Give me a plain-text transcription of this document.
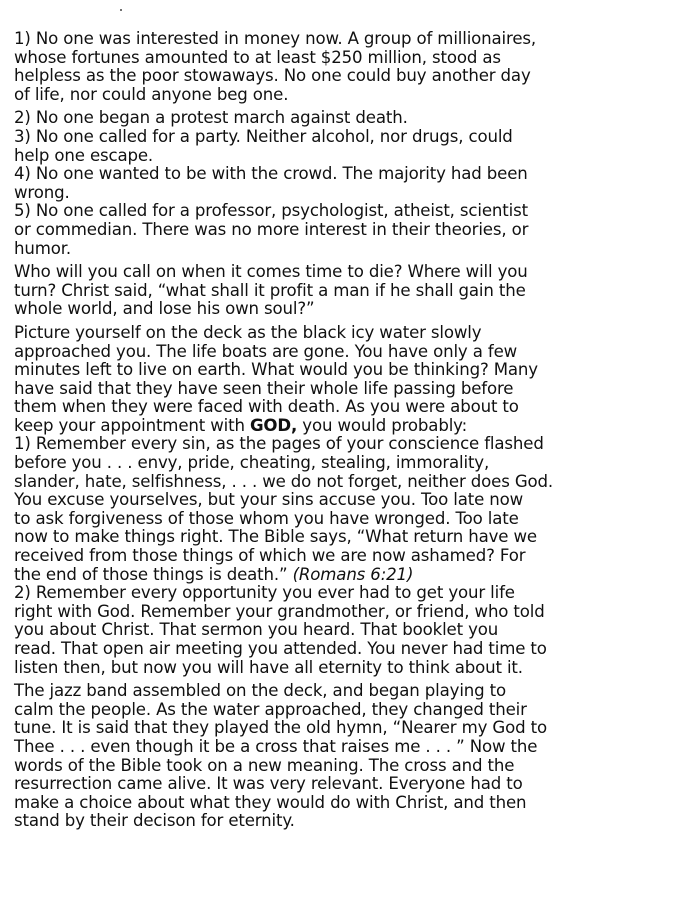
1) No one was interested in money now. A group of millionaires,
whose fortunes amounted to at least $250 million, stood as
helpless as the poor stowaways. No one could buy another day
of life, nor could anyone beg one.
2) No one began a protest march against death.
3) No one called for a party. Neither alcohol, nor drugs, could
help one escape.
4) No one wanted to be with the crowd. The majority had been
wrong.
5) No one called for a professor, psychologist, atheist, scientist
or commedian. There was no more interest in their theories, or
humor.
Who will you call on when it comes time to die? Where will you
turn? Christ said, “what shall it profit a man if he shall gain the
whole world, and lose his own soul?”
Picture yourself on the deck as the black icy water slowly
approached you. The life boats are gone. You have only a few
minutes left to live on earth. What would you be thinking? Many
have said that they have seen their whole life passing before
them when they were faced with death. As you were about to
keep your appointment with GOD, you would probably:
1) Remember every sin, as the pages of your conscience flashed
before you . . . envy, pride, cheating, stealing, immorality,
slander, hate, selfishness, . . . we do not forget, neither does God.
You excuse yourselves, but your sins accuse you. Too late now
to ask forgiveness of those whom you have wronged. Too late
now to make things right. The Bible says, “What return have we
received from those things of which we are now ashamed? For
the end of those things is death.” (Romans 6:21)
2) Remember every opportunity you ever had to get your life
right with God. Remember your grandmother, or friend, who told
you about Christ. That sermon you heard. That booklet you
read. That open air meeting you attended. You never had time to
listen then, but now you will have all eternity to think about it.
The jazz band assembled on the deck, and began playing to
calm the people. As the water approached, they changed their
tune. It is said that they played the old hymn, “Nearer my God to
Thee . . . even though it be a cross that raises me . . . ” Now the
words of the Bible took on a new meaning. The cross and the
resurrection came alive. It was very relevant. Everyone had to
make a choice about what they would do with Christ, and then
stand by their decison for eternity.
